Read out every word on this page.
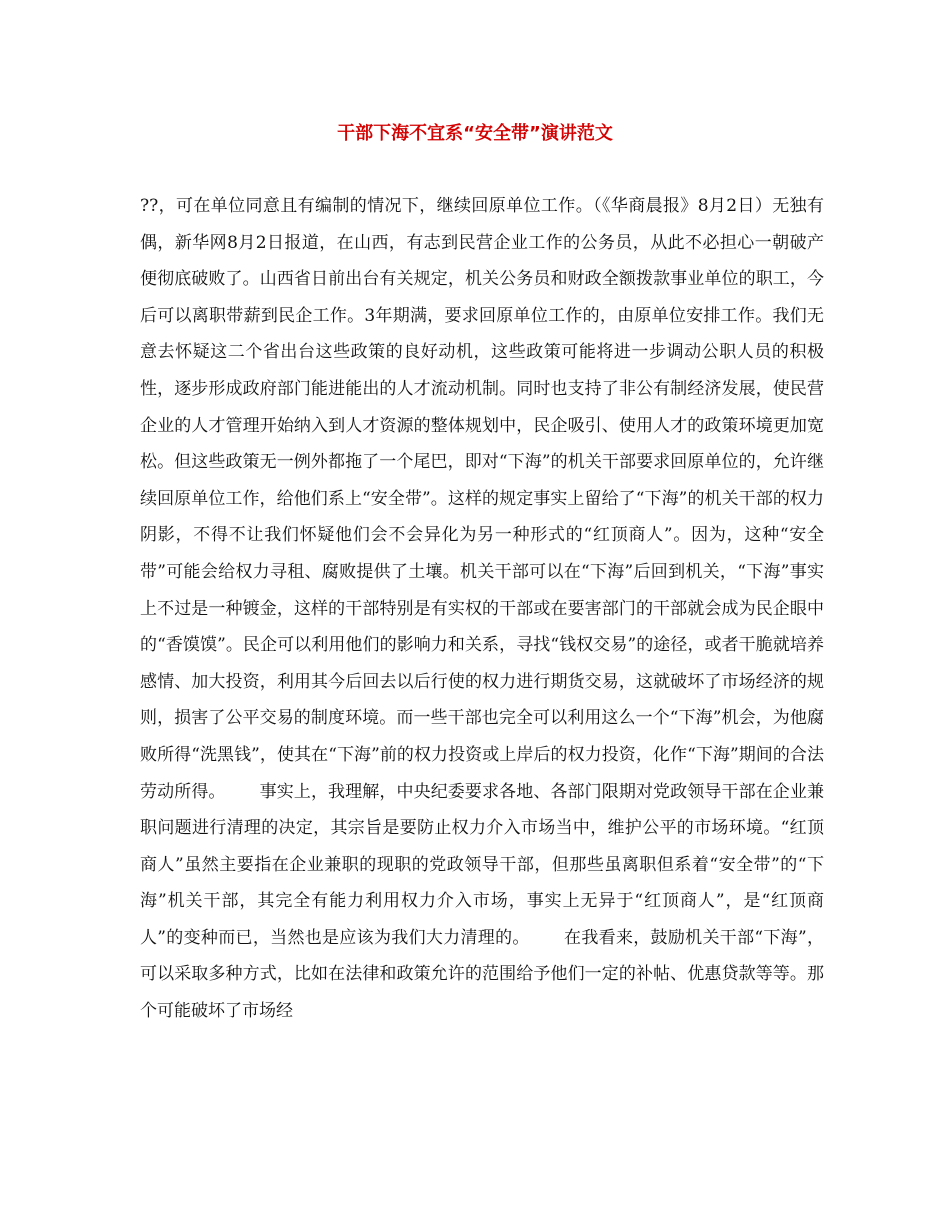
干部下海不宜系“安全带”演讲范文

??，可在单位同意且有编制的情况下，继续回原单位工作。（《华商晨报》8月2日）无独有偶，新华网8月2日报道，在山西，有志到民营企业工作的公务员，从此不必担心一朝破产便彻底破败了。山西省日前出台有关规定，机关公务员和财政全额拨款事业单位的职工，今后可以离职带薪到民企工作。3年期满，要求回原单位工作的，由原单位安排工作。我们无意去怀疑这二个省出台这些政策的良好动机，这些政策可能将进一步调动公职人员的积极性，逐步形成政府部门能进能出的人才流动机制。同时也支持了非公有制经济发展，使民营企业的人才管理开始纳入到人才资源的整体规划中，民企吸引、使用人才的政策环境更加宽松。但这些政策无一例外都拖了一个尾巴，即对“下海”的机关干部要求回原单位的，允许继续回原单位工作，给他们系上“安全带”。这样的规定事实上留给了“下海”的机关干部的权力阴影，不得不让我们怀疑他们会不会异化为另一种形式的“红顶商人”。因为，这种“安全带”可能会给权力寻租、腐败提供了土壤。机关干部可以在“下海”后回到机关，“下海”事实上不过是一种镀金，这样的干部特别是有实权的干部或在要害部门的干部就会成为民企眼中的“香馍馍”。民企可以利用他们的影响力和关系，寻找“钱权交易”的途径，或者干脆就培养感情、加大投资，利用其今后回去以后行使的权力进行期货交易，这就破坏了市场经济的规则，损害了公平交易的制度环境。而一些干部也完全可以利用这么一个“下海”机会，为他腐败所得“洗黑钱”，使其在“下海”前的权力投资或上岸后的权力投资，化作“下海”期间的合法劳动所得。 事实上，我理解，中央纪委要求各地、各部门限期对党政领导干部在企业兼职问题进行清理的决定，其宗旨是要防止权力介入市场当中，维护公平的市场环境。“红顶商人”虽然主要指在企业兼职的现职的党政领导干部，但那些虽离职但系着“安全带”的“下海”机关干部，其完全有能力利用权力介入市场，事实上无异于“红顶商人”，是“红顶商人”的变种而已，当然也是应该为我们大力清理的。 在我看来，鼓励机关干部“下海”，可以采取多种方式，比如在法律和政策允许的范围给予他们一定的补帖、优惠贷款等等。那个可能破坏了市场经
